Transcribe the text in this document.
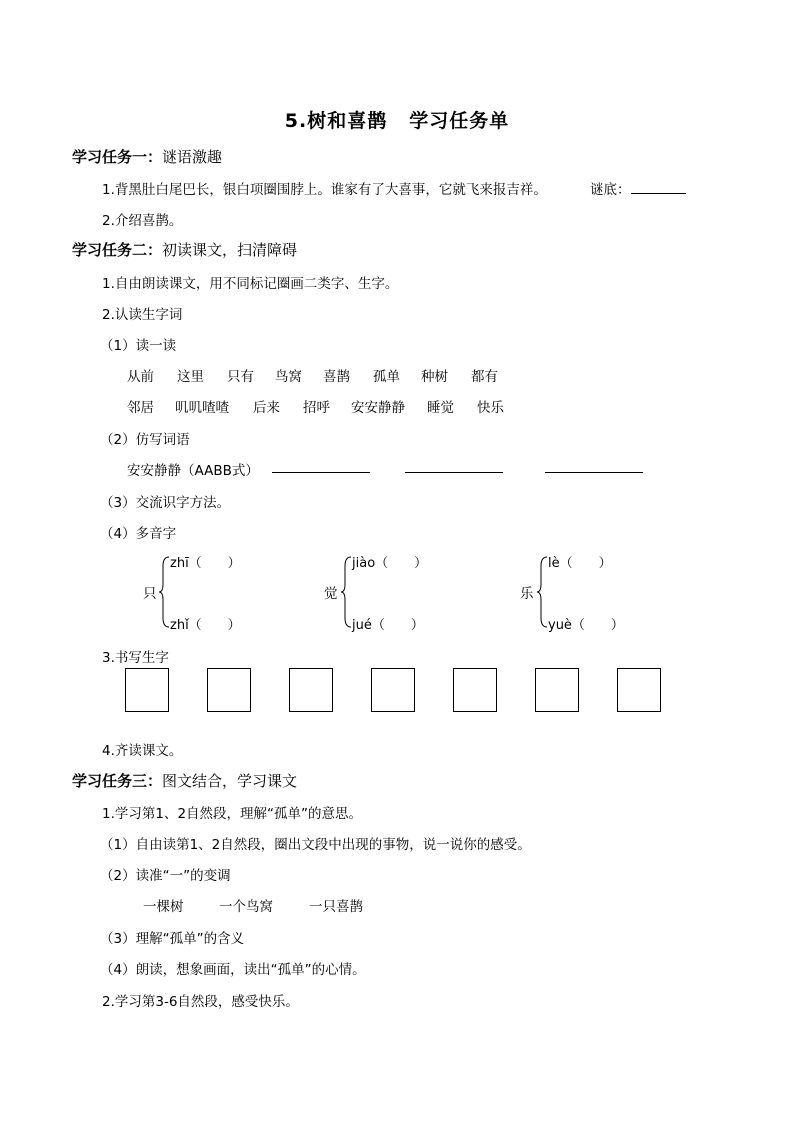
5.树和喜鹊 学习任务单
学习任务一：谜语激趣
1.背黑肚白尾巴长，银白项圈围脖上。谁家有了大喜事，它就飞来报吉祥。	谜底：
2.介绍喜鹊。
学习任务二：初读课文，扫清障碍
1.自由朗读课文，用不同标记圈画二类字、生字。
2.认读生字词
（1）读一读
从前 这里 只有 鸟窝 喜鹊 孤单 种树 都有
邻居 叽叽喳喳 后来 招呼 安安静静 睡觉 快乐
（2）仿写词语
安安静静（AABB式）
（3）交流识字方法。
（4）多音字
只
zhī（　　）
zhǐ（　　）
觉
jiào（　　）
jué（　　）
乐
lè（　　）
yuè（　　）
3.书写生字
4.齐读课文。
学习任务三：图文结合，学习课文
1.学习第1、2自然段，理解“孤单”的意思。
（1）自由读第1、2自然段，圈出文段中出现的事物，说一说你的感受。
（2）读准“一”的变调
一棵树	一个鸟窝	一只喜鹊
（3）理解“孤单”的含义
（4）朗读，想象画面，读出“孤单”的心情。
2.学习第3-6自然段，感受快乐。
